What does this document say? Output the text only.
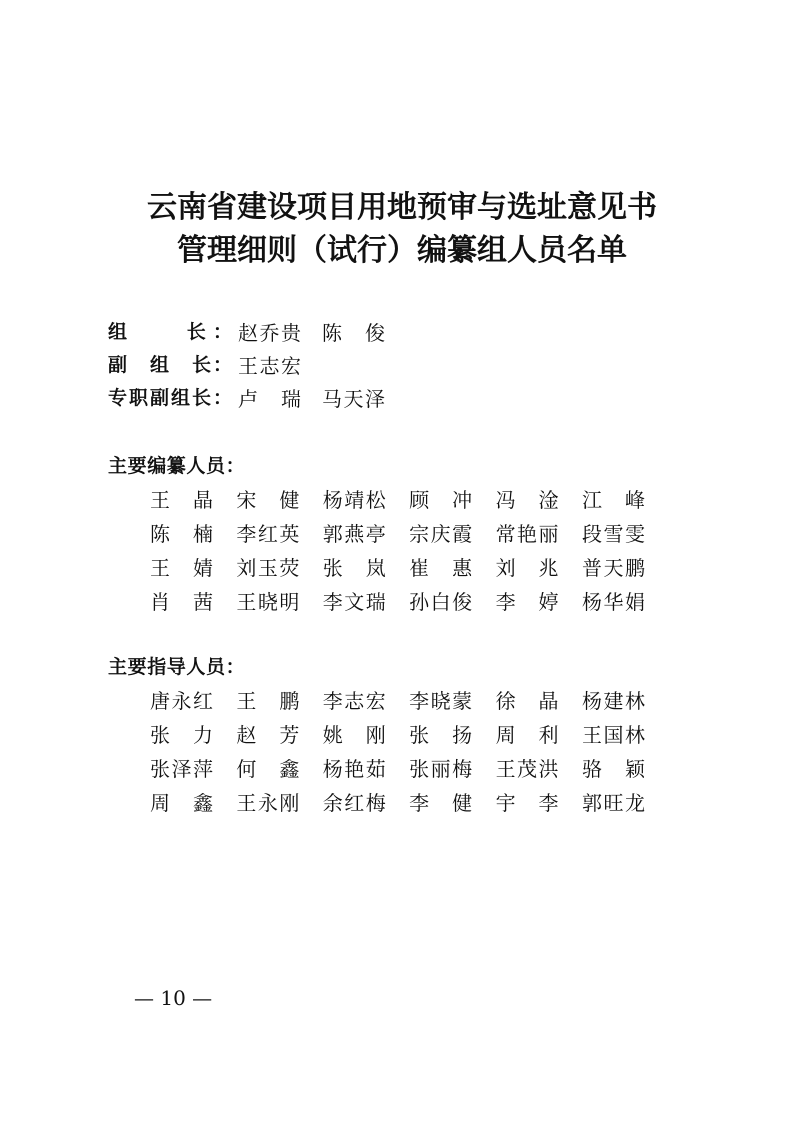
云南省建设项目用地预审与选址意见书
管理细则（试行）编纂组人员名单
组　　长： 赵乔贵 陈　俊
副　组　长： 王志宏
专职副组长： 卢　瑞 马天泽
主要编纂人员：
王　晶 宋　健 杨靖松 顾　冲 冯　淦 江　峰
陈　楠 李红英 郭燕亭 宗庆霞 常艳丽 段雪雯
王　婧 刘玉荧 张　岚 崔　惠 刘　兆 普天鹏
肖　茜 王晓明 李文瑞 孙白俊 李　婷 杨华娟
主要指导人员：
唐永红 王　鹏 李志宏 李晓蒙 徐　晶 杨建林
张　力 赵　芳 姚　刚 张　扬 周　利 王国林
张泽萍 何　鑫 杨艳茹 张丽梅 王茂洪 骆　颖
周　鑫 王永刚 余红梅 李　健 宇　李 郭旺龙
— 10 —
